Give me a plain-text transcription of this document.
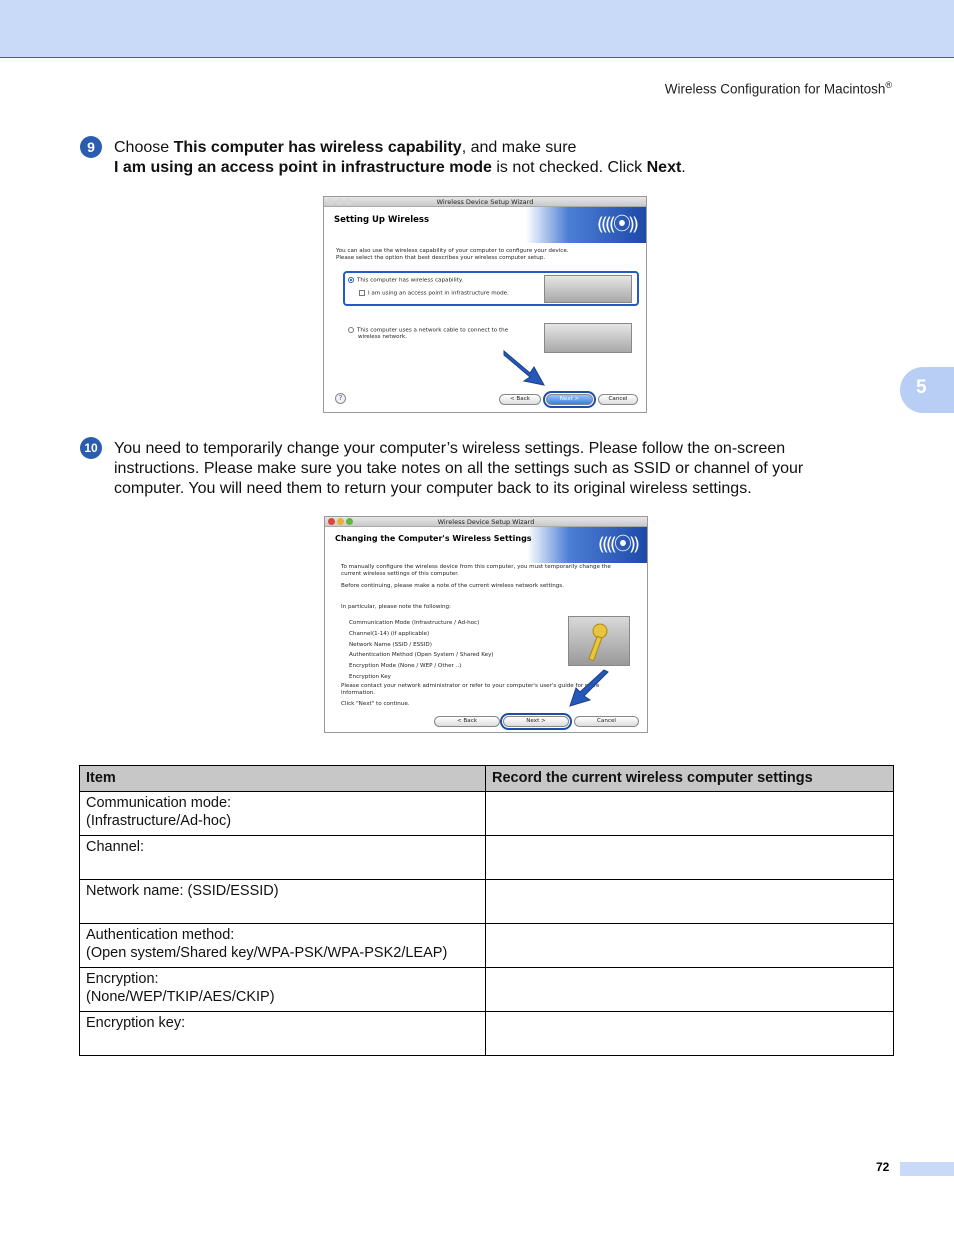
Wireless Configuration for Macintosh®
5
9	Choose This computer has wireless capability, and make sure
I am using an access point in infrastructure mode is not checked. Click Next.
Wireless Device Setup Wizard
((((⦿))
Setting Up Wireless
You can also use the wireless capability of your computer to configure your device.
Please select the option that best describes your wireless computer setup.
This computer has wireless capability.
I am using an access point in infrastructure mode.
This computer uses a network cable to connect to the
wireless network.
?	< Back	Next >	Cancel
10 You need to temporarily change your computer’s wireless settings. Please follow the on-screen
instructions. Please make sure you take notes on all the settings such as SSID or channel of your
computer. You will need them to return your computer back to its original wireless settings.
Wireless Device Setup Wizard
((((⦿))
Changing the Computer's Wireless Settings
To manually configure the wireless device from this computer, you must temporarily change the
current wireless settings of this computer.
Before continuing, please make a note of the current wireless network settings.
In particular, please note the following:
Communication Mode (Infrastructure / Ad-hoc)
Channel(1-14) (if applicable)
Network Name (SSID / ESSID)
Authentication Method (Open System / Shared Key)
Encryption Mode (None / WEP / Other ..)
Encryption Key
Please contact your network administrator or refer to your computer's user's guide for more
information.
Click "Next" to continue.
< Back	Next >	Cancel
Item	Record the current wireless computer settings

Communication mode:
(Infrastructure/Ad-hoc)	

Channel:	

Network name: (SSID/ESSID)	

Authentication method:
(Open system/Shared key/WPA-PSK/WPA-PSK2/LEAP)	

Encryption:
(None/WEP/TKIP/AES/CKIP)	

Encryption key:	

72
